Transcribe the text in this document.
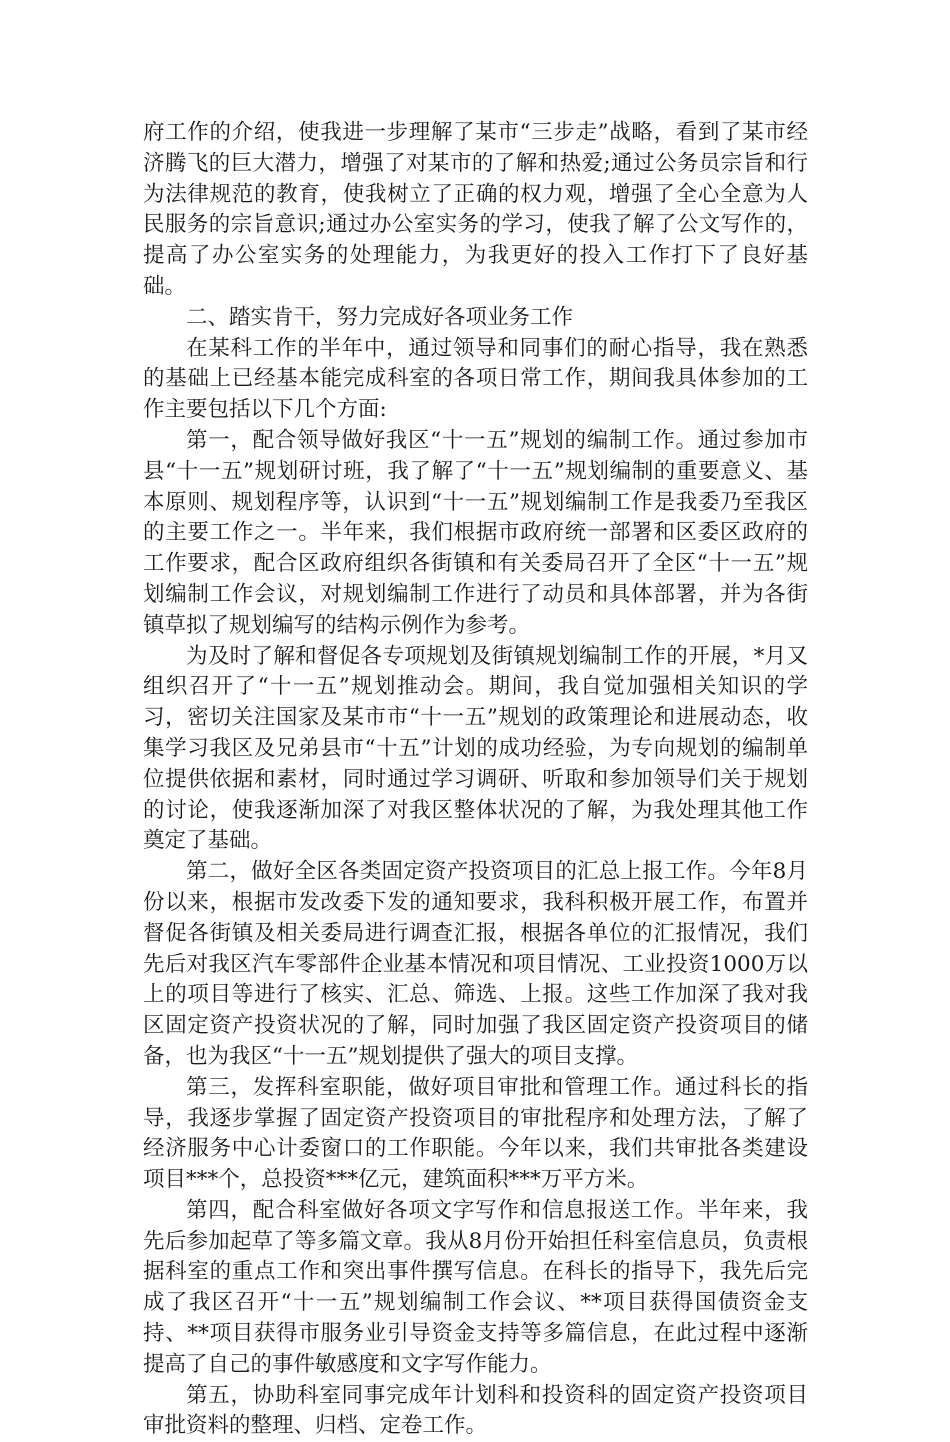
府工作的介绍，使我进一步理解了某市“三步走”战略，看到了某市经济腾飞的巨大潜力，增强了对某市的了解和热爱;通过公务员宗旨和行为法律规范的教育，使我树立了正确的权力观，增强了全心全意为人民服务的宗旨意识;通过办公室实务的学习，使我了解了公文写作的，提高了办公室实务的处理能力，为我更好的投入工作打下了良好基础。

二、踏实肯干，努力完成好各项业务工作

在某科工作的半年中，通过领导和同事们的耐心指导，我在熟悉的基础上已经基本能完成科室的各项日常工作，期间我具体参加的工作主要包括以下几个方面:

第一，配合领导做好我区“十一五”规划的编制工作。通过参加市县“十一五”规划研讨班，我了解了“十一五”规划编制的重要意义、基本原则、规划程序等，认识到“十一五”规划编制工作是我委乃至我区的主要工作之一。半年来，我们根据市政府统一部署和区委区政府的工作要求，配合区政府组织各街镇和有关委局召开了全区“十一五”规划编制工作会议，对规划编制工作进行了动员和具体部署，并为各街镇草拟了规划编写的结构示例作为参考。

为及时了解和督促各专项规划及街镇规划编制工作的开展，*月又组织召开了“十一五”规划推动会。期间，我自觉加强相关知识的学习，密切关注国家及某市市“十一五”规划的政策理论和进展动态，收集学习我区及兄弟县市“十五”计划的成功经验，为专向规划的编制单位提供依据和素材，同时通过学习调研、听取和参加领导们关于规划的讨论，使我逐渐加深了对我区整体状况的了解，为我处理其他工作奠定了基础。

第二，做好全区各类固定资产投资项目的汇总上报工作。今年8月份以来，根据市发改委下发的通知要求，我科积极开展工作，布置并督促各街镇及相关委局进行调查汇报，根据各单位的汇报情况，我们先后对我区汽车零部件企业基本情况和项目情况、工业投资1000万以上的项目等进行了核实、汇总、筛选、上报。这些工作加深了我对我区固定资产投资状况的了解，同时加强了我区固定资产投资项目的储备，也为我区“十一五”规划提供了强大的项目支撑。

第三，发挥科室职能，做好项目审批和管理工作。通过科长的指导，我逐步掌握了固定资产投资项目的审批程序和处理方法，了解了经济服务中心计委窗口的工作职能。今年以来，我们共审批各类建设项目***个，总投资***亿元，建筑面积***万平方米。

第四，配合科室做好各项文字写作和信息报送工作。半年来，我先后参加起草了等多篇文章。我从8月份开始担任科室信息员，负责根据科室的重点工作和突出事件撰写信息。在科长的指导下，我先后完成了我区召开“十一五”规划编制工作会议、**项目获得国债资金支持、**项目获得市服务业引导资金支持等多篇信息，在此过程中逐渐提高了自己的事件敏感度和文字写作能力。

第五，协助科室同事完成年计划科和投资科的固定资产投资项目审批资料的整理、归档、定卷工作。
